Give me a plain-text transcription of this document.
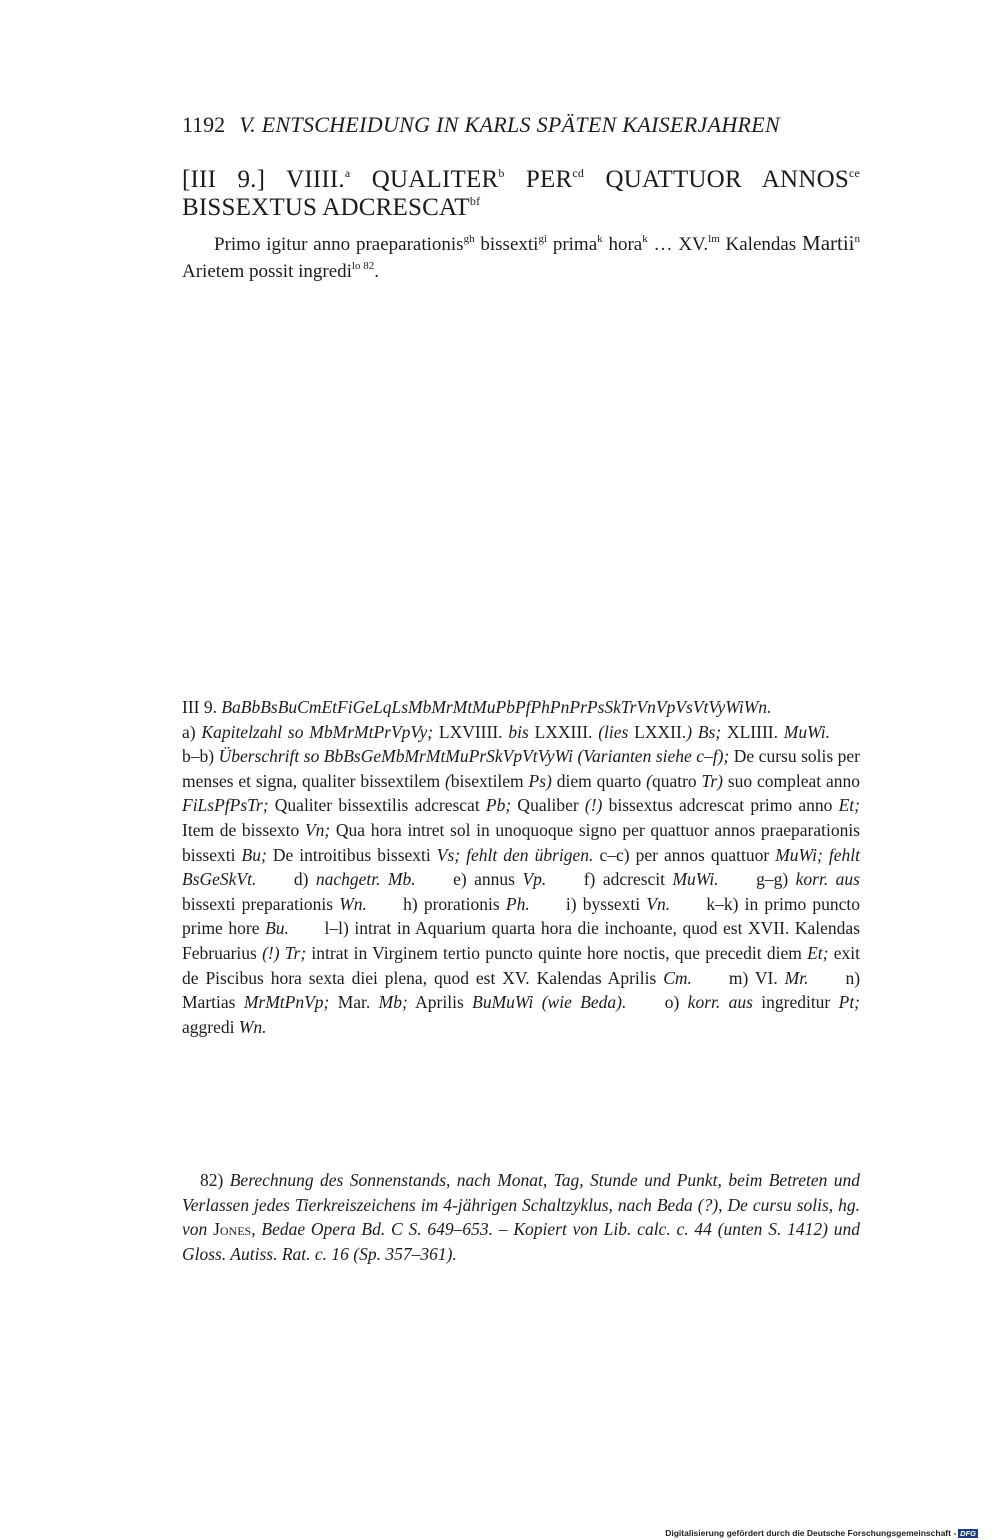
1192 V. ENTSCHEIDUNG IN KARLS SPÄTEN KAISERJAHREN
[III 9.] VIIII.$^a$ QUALITER$^b$ $PER^{cd}$ QUATTUOR $ANNOS^{ce}$ BISSEXTUS $ADCRESCAT^{bf}$

Primo igitur anno praeparationis$^{gh}$ bissexti$^{gi}$ prima$^k$ hora$^k$ … XV.$^{lm}$ Kalendas Martii$^n$ Arietem possit ingredi$^{lo 82}$.

III 9. BaBbBsBuCmEtFiGeLqLsMbMrMtMuPbPfPhPnPrPsSkTrVnVpVsVtVyWiWn.

a) Kapitelzahl so MbMrMtPrVpVy; LXVIIII. bis LXXIII. (lies LXXII.) Bs; XLIIII. MuWi. b–b) Überschrift so BbBsGeMbMrMtMuPrSkVpVtVyWi (Varianten siehe c–f); De cursu solis per menses et signa, qualiter bissextilem (bisextilem Ps) diem quarto (quatro Tr) suo compleat anno FiLsPfPsTr; Qualiter bissextilis adcrescat Pb; Qualiber (!) bissextus adcrescat primo anno Et; Item de bissexto Vn; Qua hora intret sol in unoquoque signo per quattuor annos praeparationis bissexti Bu; De introitibus bissexti Vs; fehlt den übrigen. c–c) per annos quattuor MuWi; fehlt BsGeSkVt. d) nachgetr. Mb. e) annus Vp. f) adcrescit MuWi. g–g) korr. aus bissexti preparationis Wn. h) prorationis Ph. i) byssexti Vn. k–k) in primo puncto prime hore Bu. l–l) intrat in Aquarium quarta hora die inchoante, quod est XVII. Kalendas Februarius (!) Tr; intrat in Virginem tertio puncto quinte hore noctis, que precedit diem Et; exit de Piscibus hora sexta diei plena, quod est XV. Kalendas Aprilis Cm. m) VI. Mr. n) Martias MrMtPnVp; Mar. Mb; Aprilis BuMuWi (wie Beda). o) korr. aus ingreditur Pt; aggredi Wn.

82) Berechnung des Sonnenstands, nach Monat, Tag, Stunde und Punkt, beim Betreten und Verlassen jedes Tierkreiszeichens im 4-jährigen Schaltzyklus, nach Beda (?), De cursu solis, hg. von Jones, Bedae Opera Bd. C S. 649–653. – Kopiert von Lib. calc. c. 44 (unten S. 1412) und Gloss. Autiss. Rat. c. 16 (Sp. 357–361).

Digitalisierung gefördert durch die Deutsche Forschungsgemeinschaft - DFG
